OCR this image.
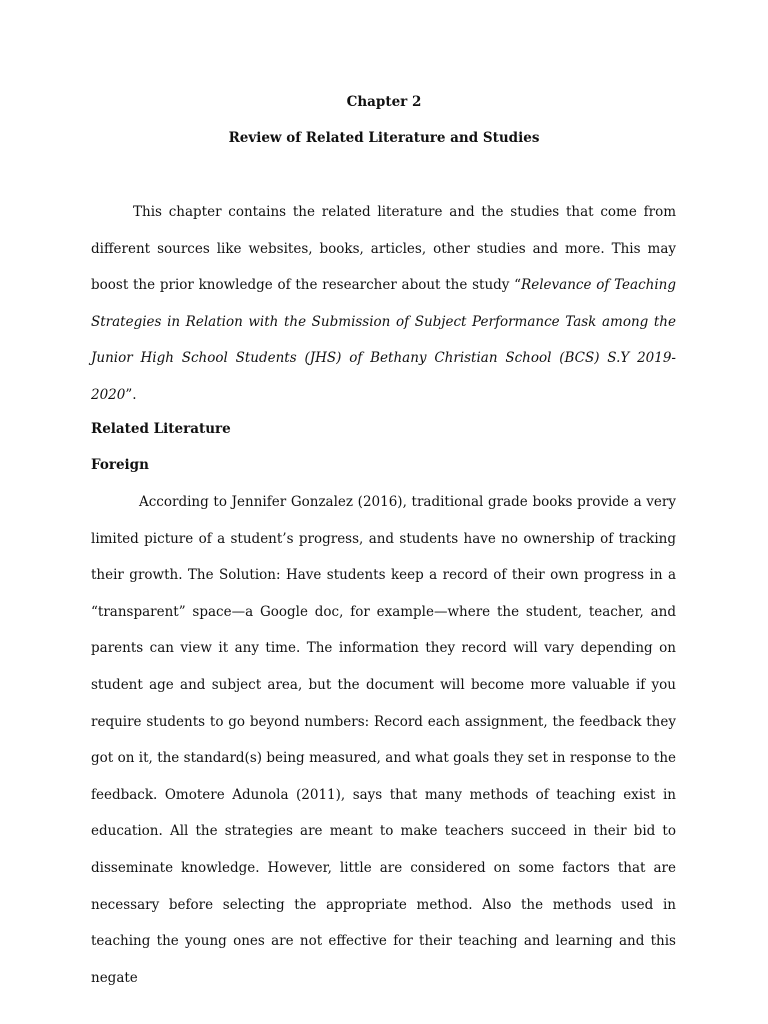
Chapter 2
Review of Related Literature and Studies

This chapter contains the related literature and the studies that come from different sources like websites, books, articles, other studies and more. This may boost the prior knowledge of the researcher about the study “Relevance of Teaching Strategies in Relation with the Submission of Subject Performance Task among the Junior High School Students (JHS) of Bethany Christian School (BCS) S.Y 2019-2020”.

Related Literature
Foreign

According to Jennifer Gonzalez (2016), traditional grade books provide a very limited picture of a student’s progress, and students have no ownership of tracking their growth. The Solution: Have students keep a record of their own progress in a “transparent” space—a Google doc, for example—where the student, teacher, and parents can view it any time. The information they record will vary depending on student age and subject area, but the document will become more valuable if you require students to go beyond numbers: Record each assignment, the feedback they got on it, the standard(s) being measured, and what goals they set in response to the feedback. Omotere Adunola (2011), says that many methods of teaching exist in education. All the strategies are meant to make teachers succeed in their bid to disseminate knowledge. However, little are considered on some factors that are necessary before selecting the appropriate method. Also the methods used in teaching the young ones are not effective for their teaching and learning and this negate
